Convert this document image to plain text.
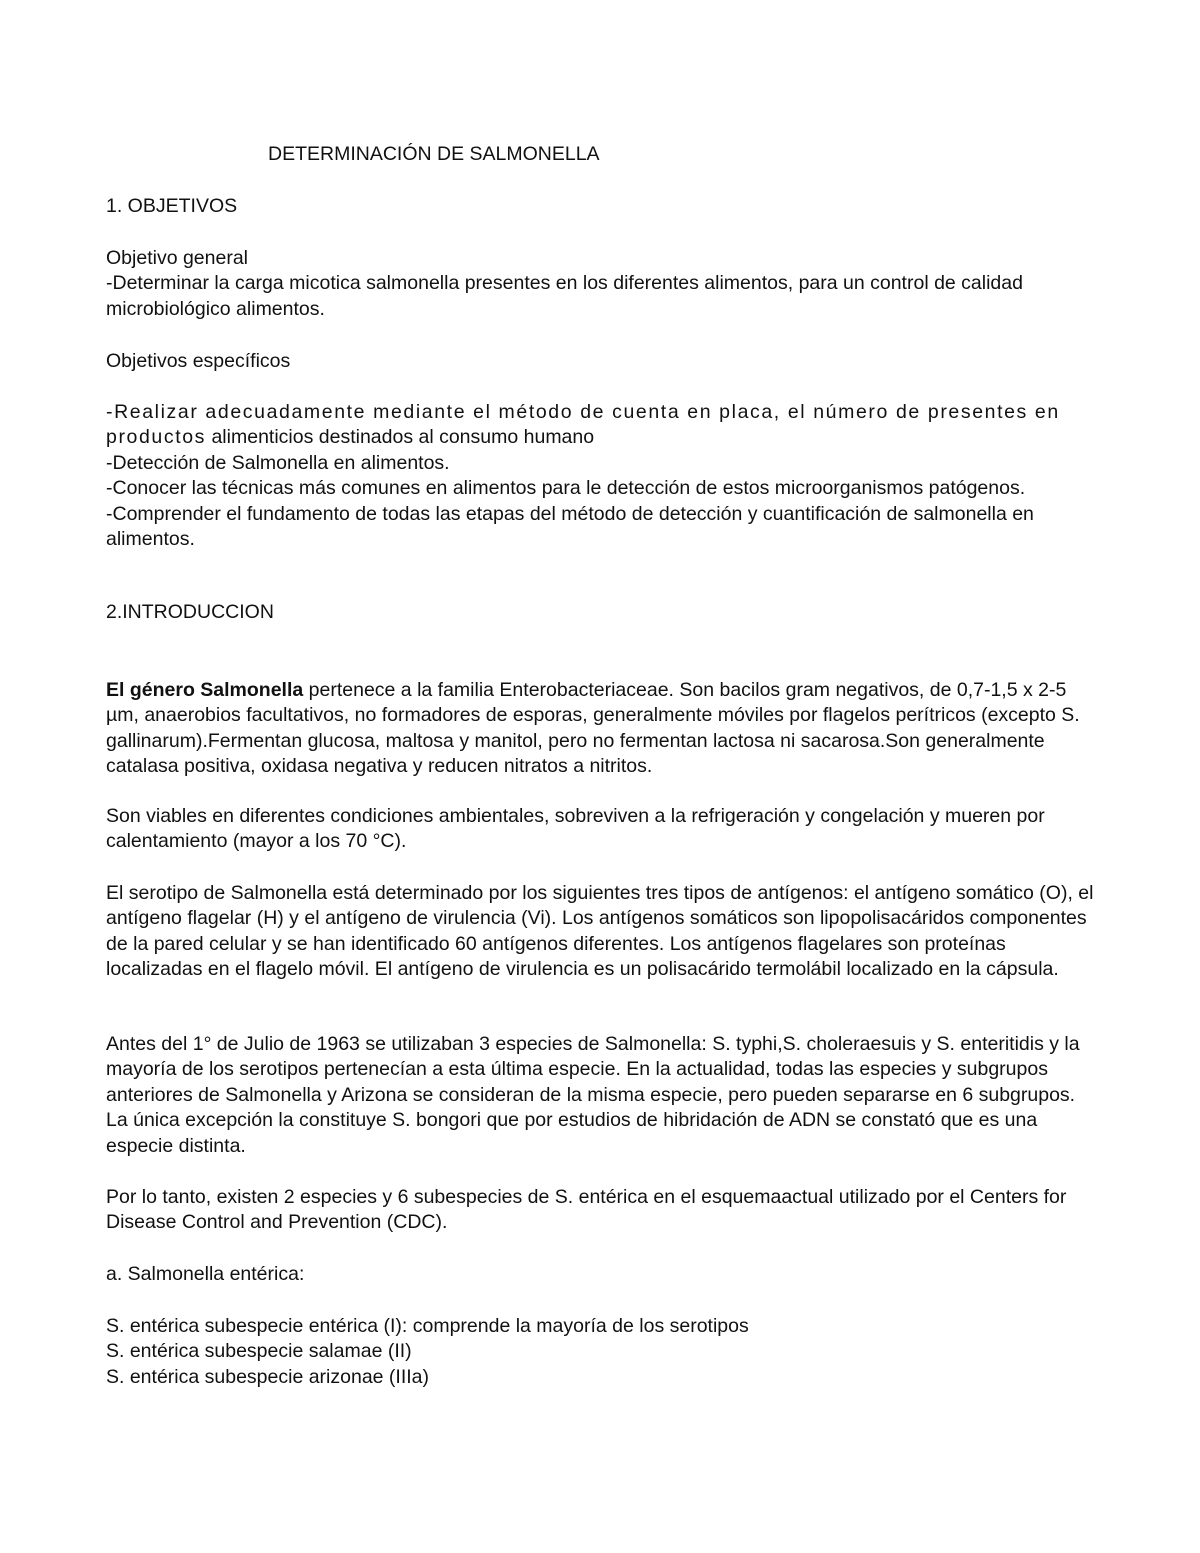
DETERMINACIÓN DE SALMONELLA

1. OBJETIVOS

Objetivo general

-Determinar la carga micotica salmonella presentes en los diferentes alimentos, para un control de calidad microbiológico alimentos.

Objetivos específicos

-Realizar adecuadamente mediante el método de cuenta en placa, el número de presentes en productos alimenticios destinados al consumo humano

-Detección de Salmonella en alimentos.

-Conocer las técnicas más comunes en alimentos para le detección de estos microorganismos patógenos.

-Comprender el fundamento de todas las etapas del método de detección y cuantificación de salmonella en alimentos.

2.INTRODUCCION

El género Salmonella pertenece a la familia Enterobacteriaceae. Son bacilos gram negativos, de 0,7-1,5 x 2-5 µm, anaerobios facultativos, no formadores de esporas, generalmente móviles por flagelos perítricos (excepto S. gallinarum).Fermentan glucosa, maltosa y manitol, pero no fermentan lactosa ni sacarosa.Son generalmente catalasa positiva, oxidasa negativa y reducen nitratos a nitritos.

Son viables en diferentes condiciones ambientales, sobreviven a la refrigeración y congelación y mueren por calentamiento (mayor a los 70 °C).

El serotipo de Salmonella está determinado por los siguientes tres tipos de antígenos: el antígeno somático (O), el antígeno flagelar (H) y el antígeno de virulencia (Vi). Los antígenos somáticos son lipopolisacáridos componentes de la pared celular y se han identificado 60 antígenos diferentes. Los antígenos flagelares son proteínas localizadas en el flagelo móvil. El antígeno de virulencia es un polisacárido termolábil localizado en la cápsula.

Antes del 1° de Julio de 1963 se utilizaban 3 especies de Salmonella: S. typhi,S. choleraesuis y S. enteritidis y la mayoría de los serotipos pertenecían a esta última especie. En la actualidad, todas las especies y subgrupos anteriores de Salmonella y Arizona se consideran de la misma especie, pero pueden separarse en 6 subgrupos. La única excepción la constituye S. bongori que por estudios de hibridación de ADN se constató que es una especie distinta.

Por lo tanto, existen 2 especies y 6 subespecies de S. entérica en el esquemaactual utilizado por el Centers for Disease Control and Prevention (CDC).

a. Salmonella entérica:

S. entérica subespecie entérica (I): comprende la mayoría de los serotipos

S. entérica subespecie salamae (II)

S. entérica subespecie arizonae (IIIa)
